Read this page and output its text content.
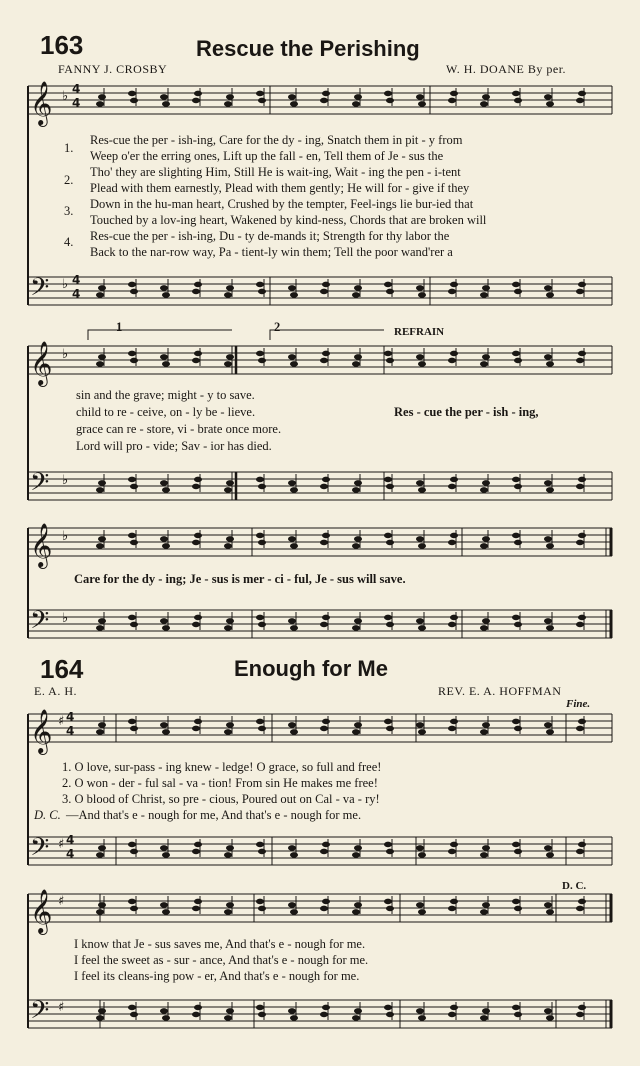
163	Rescue the Perishing
FANNY J. CROSBY	W. H. DOANE By per.
𝄞
𝄢
𝄞
𝄢
𝄞
𝄢
𝄞
𝄢
𝄞
𝄢
♭ 4
4
♭ 4
4
♭
♭
♭
♭
♯ 4
4
♯ 4
4
♯
♯
1.
2.
3.
4.
Res-cue the per - ish-ing, Care for the dy - ing, Snatch them in pit - y from
Weep o'er the erring ones, Lift up the fall - en, Tell them of Je - sus the
Tho' they are slighting Him, Still He is wait-ing, Wait - ing the pen - i-tent
Plead with them earnestly, Plead with them gently; He will for - give if they
Down in the hu-man heart, Crushed by the tempter, Feel-ings lie bur-ied that
Touched by a lov-ing heart, Wakened by kind-ness, Chords that are broken will
Res-cue the per - ish-ing, Du - ty de-mands it; Strength for thy labor the
Back to the nar-row way, Pa - tient-ly win them; Tell the poor wand'rer a
1	2	REFRAIN
sin and the grave; might - y to save.
child to re - ceive, on - ly be - lieve.
grace can re - store, vi - brate once more.
Lord will pro - vide; Sav - ior has died.
Res - cue the per - ish - ing,
Care for the dy - ing; Je - sus is mer - ci - ful, Je - sus will save.
164	Enough for Me
E. A. H.	REV. E. A. HOFFMAN
Fine.
1. O love, sur-pass - ing knew - ledge! O grace, so full and free!
2. O won - der - ful sal - va - tion! From sin He makes me free!
3. O blood of Christ, so pre - cious, Poured out on Cal - va - ry!
D. C. —And that's e - nough for me, And that's e - nough for me.
D. C.
I know that Je - sus saves me, And that's e - nough for me.
I feel the sweet as - sur - ance, And that's e - nough for me.
I feel its cleans-ing pow - er, And that's e - nough for me.
